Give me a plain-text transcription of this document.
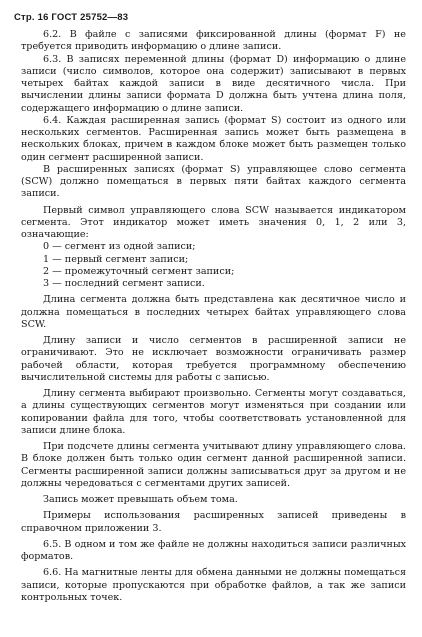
Стр. 16 ГОСТ 25752—83

6.2. В файле с записями фиксированной длины (формат F) не требуется приводить информацию о длине записи.

6.3. В записях переменной длины (формат D) информацию о длине записи (число символов, которое она содержит) записывают в первых четырех байтах каждой записи в виде десятичного числа. При вычислении длины записи формата D должна быть учтена длина поля, содержащего информацию о длине записи.

6.4. Каждая расширенная запись (формат S) состоит из одного или нескольких сегментов. Расширенная запись может быть размещена в нескольких блоках, причем в каждом блоке может быть размещен только один сегмент расширенной записи.

В расширенных записях (формат S) управляющее слово сегмента (SCW) должно помещаться в первых пяти байтах каждого сегмента записи.

Первый символ управляющего слова SCW называется индикатором сегмента. Этот индикатор может иметь значения 0, 1, 2 или 3, означающие:

0 — сегмент из одной записи;
1 — первый сегмент записи;
2 — промежуточный сегмент записи;
3 — последний сегмент записи.

Длина сегмента должна быть представлена как десятичное число и должна помещаться в последних четырех байтах управляющего слова SCW.

Длину записи и число сегментов в расширенной записи не ограничивают. Это не исключает возможности ограничивать размер рабочей области, которая требуется программному обеспечению вычислительной системы для работы с записью.

Длину сегмента выбирают произвольно. Сегменты могут создаваться, а длины существующих сегментов могут изменяться при создании или копировании файла для того, чтобы соответствовать установленной для записи длине блока.

При подсчете длины сегмента учитывают длину управляющего слова. В блоке должен быть только один сегмент данной расширенной записи. Сегменты расширенной записи должны записываться друг за другом и не должны чередоваться с сегментами других записей.

Запись может превышать объем тома.

Примеры использования расширенных записей приведены в справочном приложении 3.

6.5. В одном и том же файле не должны находиться записи различных форматов.

6.6. На магнитные ленты для обмена данными не должны помещаться записи, которые пропускаются при обработке файлов, а так же записи контрольных точек.
